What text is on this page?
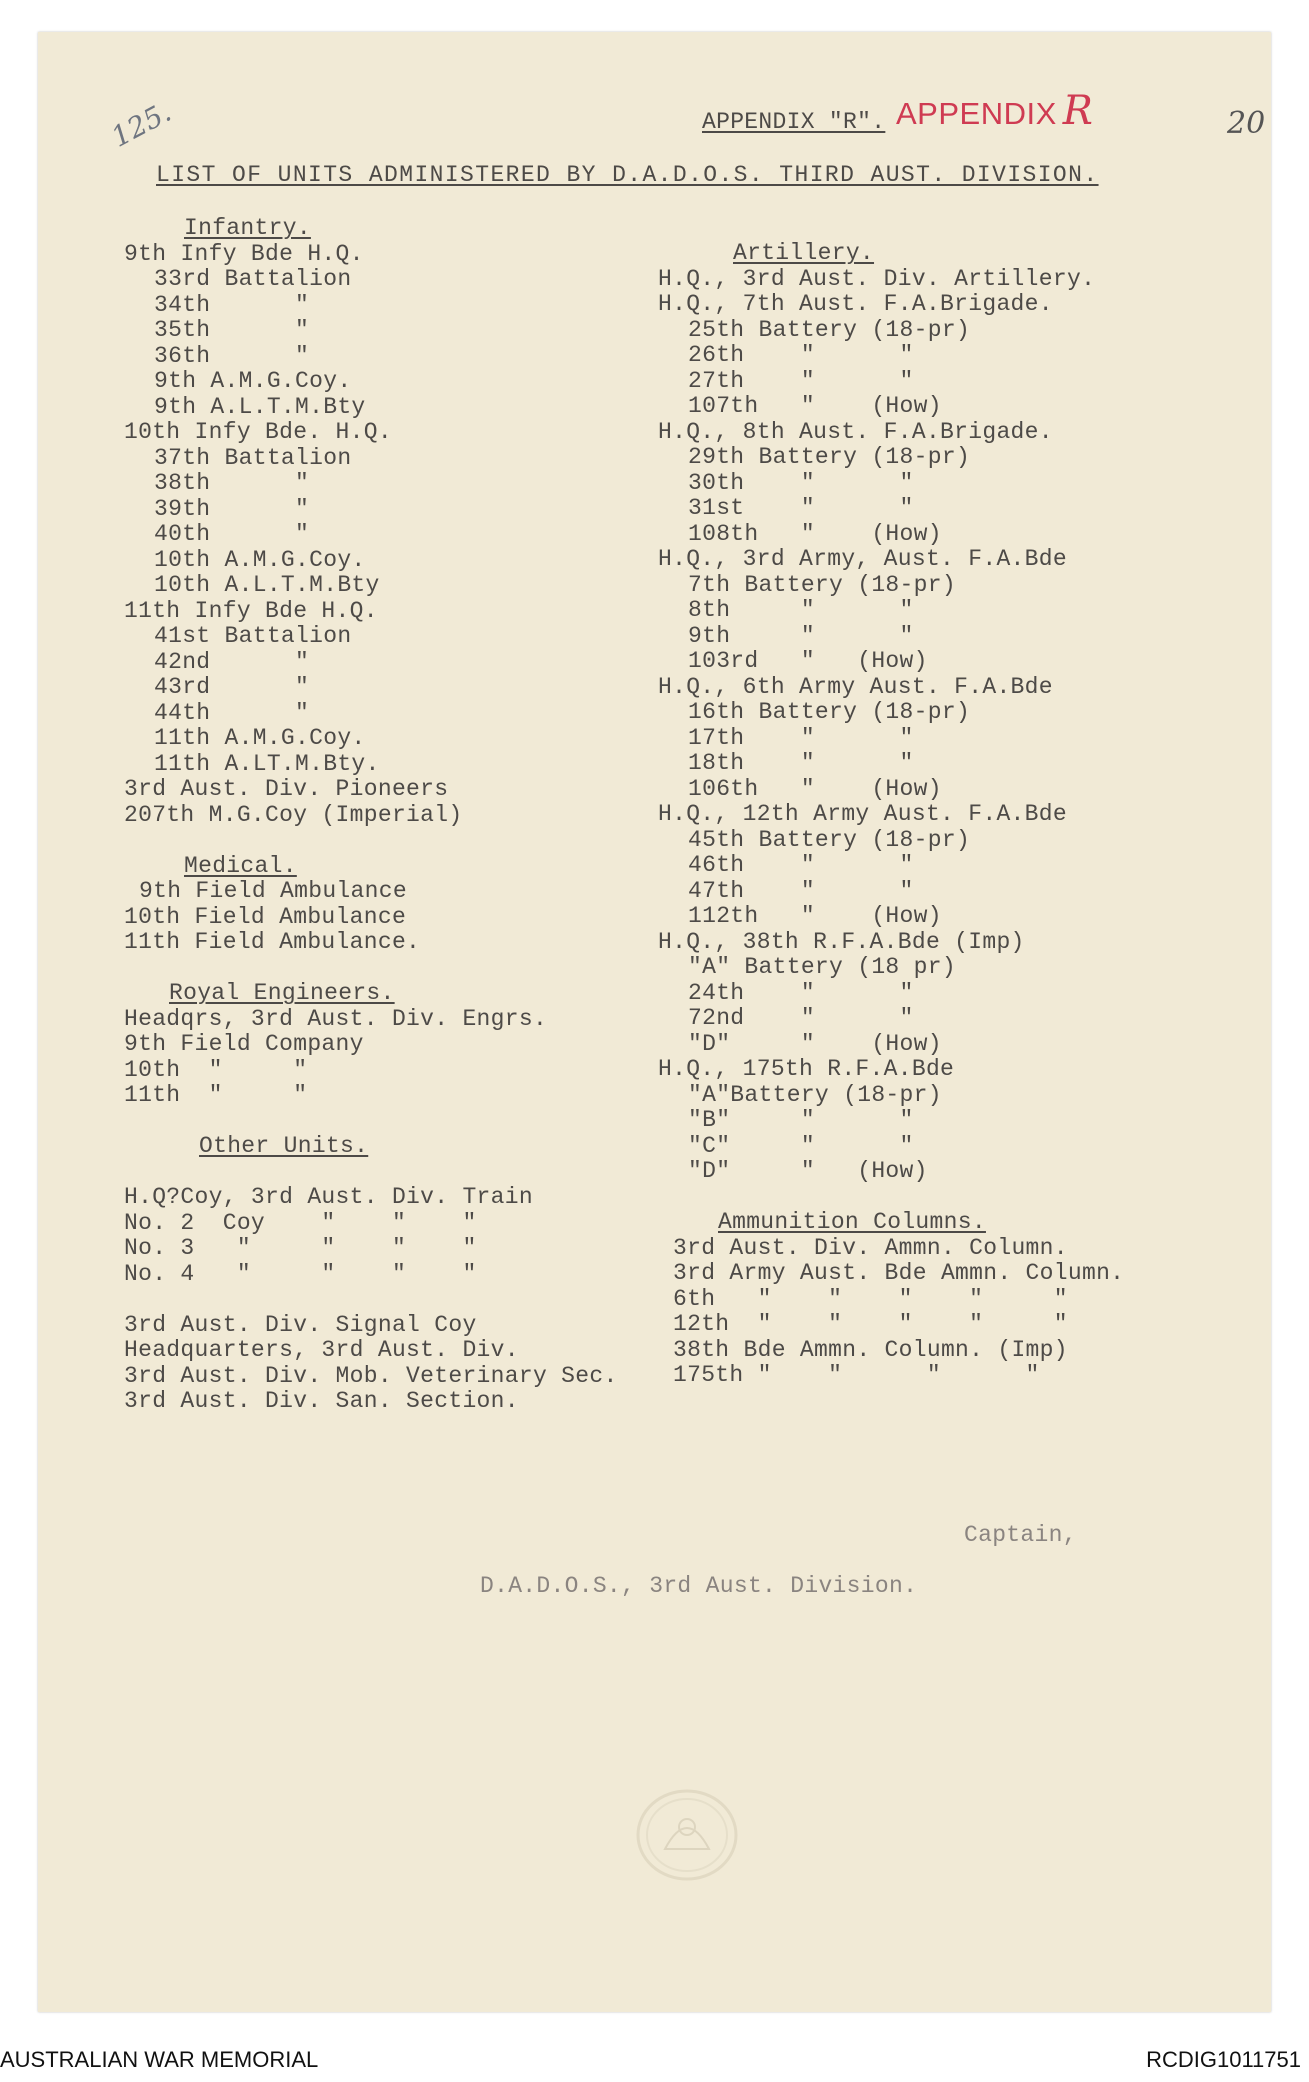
125.	APPENDIX R	20
APPENDIX "R".
LIST OF UNITS ADMINISTERED BY D.A.D.O.S. THIRD AUST. DIVISION.
Infantry.
9th Infy Bde H.Q.
33rd Battalion
34th      "
35th      "
36th      "
9th A.M.G.Coy.
9th A.L.T.M.Bty
10th Infy Bde. H.Q.
37th Battalion
38th      "
39th      "
40th      "
10th A.M.G.Coy.
10th A.L.T.M.Bty
11th Infy Bde H.Q.
41st Battalion
42nd      "
43rd      "
44th      "
11th A.M.G.Coy.
11th A.LT.M.Bty.
3rd Aust. Div. Pioneers
207th M.G.Coy (Imperial)
Medical.
9th Field Ambulance
10th Field Ambulance
11th Field Ambulance.
Royal Engineers.
Headqrs, 3rd Aust. Div. Engrs.
9th Field Company
10th  "     "
11th  "     "
Other Units.
H.Q?Coy, 3rd Aust. Div. Train
No. 2  Coy    "    "    "
No. 3   "     "    "    "
No. 4   "     "    "    "
3rd Aust. Div. Signal Coy
Headquarters, 3rd Aust. Div.
3rd Aust. Div. Mob. Veterinary Sec.
3rd Aust. Div. San. Section.
Artillery.
H.Q., 3rd Aust. Div. Artillery.
H.Q., 7th Aust. F.A.Brigade.
25th Battery (18-pr)
26th    "      "
27th    "      "
107th   "    (How)
H.Q., 8th Aust. F.A.Brigade.
29th Battery (18-pr)
30th    "      "
31st    "      "
108th   "    (How)
H.Q., 3rd Army, Aust. F.A.Bde
7th Battery (18-pr)
8th     "      "
9th     "      "
103rd   "   (How)
H.Q., 6th Army Aust. F.A.Bde
16th Battery (18-pr)
17th    "      "
18th    "      "
106th   "    (How)
H.Q., 12th Army Aust. F.A.Bde
45th Battery (18-pr)
46th    "      "
47th    "      "
112th   "    (How)
H.Q., 38th R.F.A.Bde (Imp)
"A" Battery (18 pr)
24th    "      "
72nd    "      "
"D"     "    (How)
H.Q., 175th R.F.A.Bde
"A"Battery (18-pr)
"B"     "      "
"C"     "      "
"D"     "   (How)
Ammunition Columns.
3rd Aust. Div. Ammn. Column.
3rd Army Aust. Bde Ammn. Column.
6th   "    "    "    "     "
12th  "    "    "    "     "
38th Bde Ammn. Column. (Imp)
175th "    "      "      "
Captain,
D.A.D.O.S., 3rd Aust. Division.
AUSTRALIAN WAR MEMORIAL	RCDIG1011751
